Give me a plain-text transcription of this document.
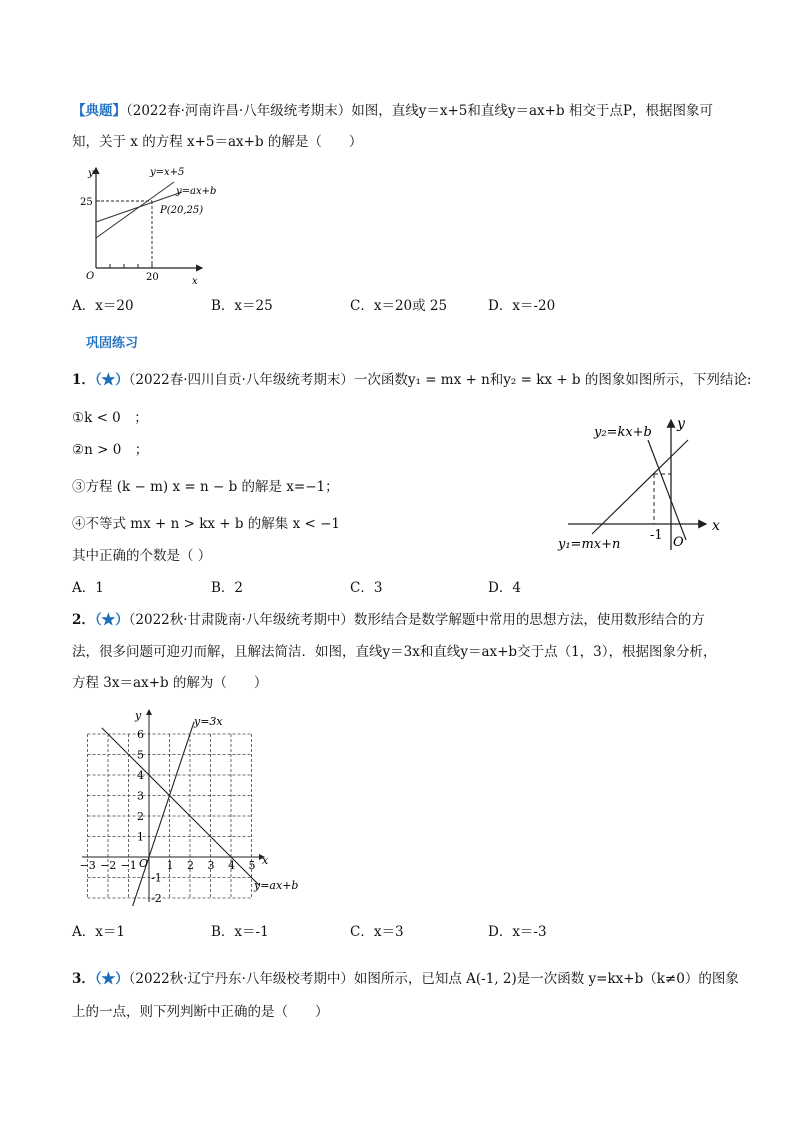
【典题】（2022春·河南许昌·八年级统考期末）如图，直线y＝x+5和直线y＝ax+b 相交于点P，根据图象可
知，关于 x 的方程 x+5＝ax+b 的解是（　　）
y
x
O
25
20
y=x+5
y=ax+b
P(20,25)
A．x＝20	B．x＝25	C．x＝20或 25	D．x＝-20
巩固练习
1．（★）（2022春·四川自贡·八年级统考期末）一次函数y₁ = mx + n和y₂ = kx + b 的图象如图所示，下列结论:
①k < 0　；
②n > 0　；
③方程 (k − m) x = n − b 的解是 x=−1；
④不等式 mx + n > kx + b 的解集 x < −1
其中正确的个数是（ ）
y₂=kx+b
y
x
y₁=mx+n
-1 O
A．1	B．2	C．3	D．4
2．（★）（2022秋·甘肃陇南·八年级统考期中）数形结合是数学解题中常用的思想方法，使用数形结合的方
法，很多问题可迎刃而解，且解法简洁．如图，直线y＝3x和直线y＝ax+b交于点（1，3），根据图象分析，
方程 3x＝ax+b 的解为（　　）
6
5
4
3
2
1
-1
-2
−3 −2 −1	1 2 3 4 5
y
x
O
y=3x
y=ax+b
A．x＝1	B．x＝-1	C．x＝3	D．x＝-3
3．（★）（2022秋·辽宁丹东·八年级校考期中）如图所示，已知点 A(-1, 2)是一次函数 y=kx+b（k≠0）的图象
上的一点，则下列判断中正确的是（　　）
